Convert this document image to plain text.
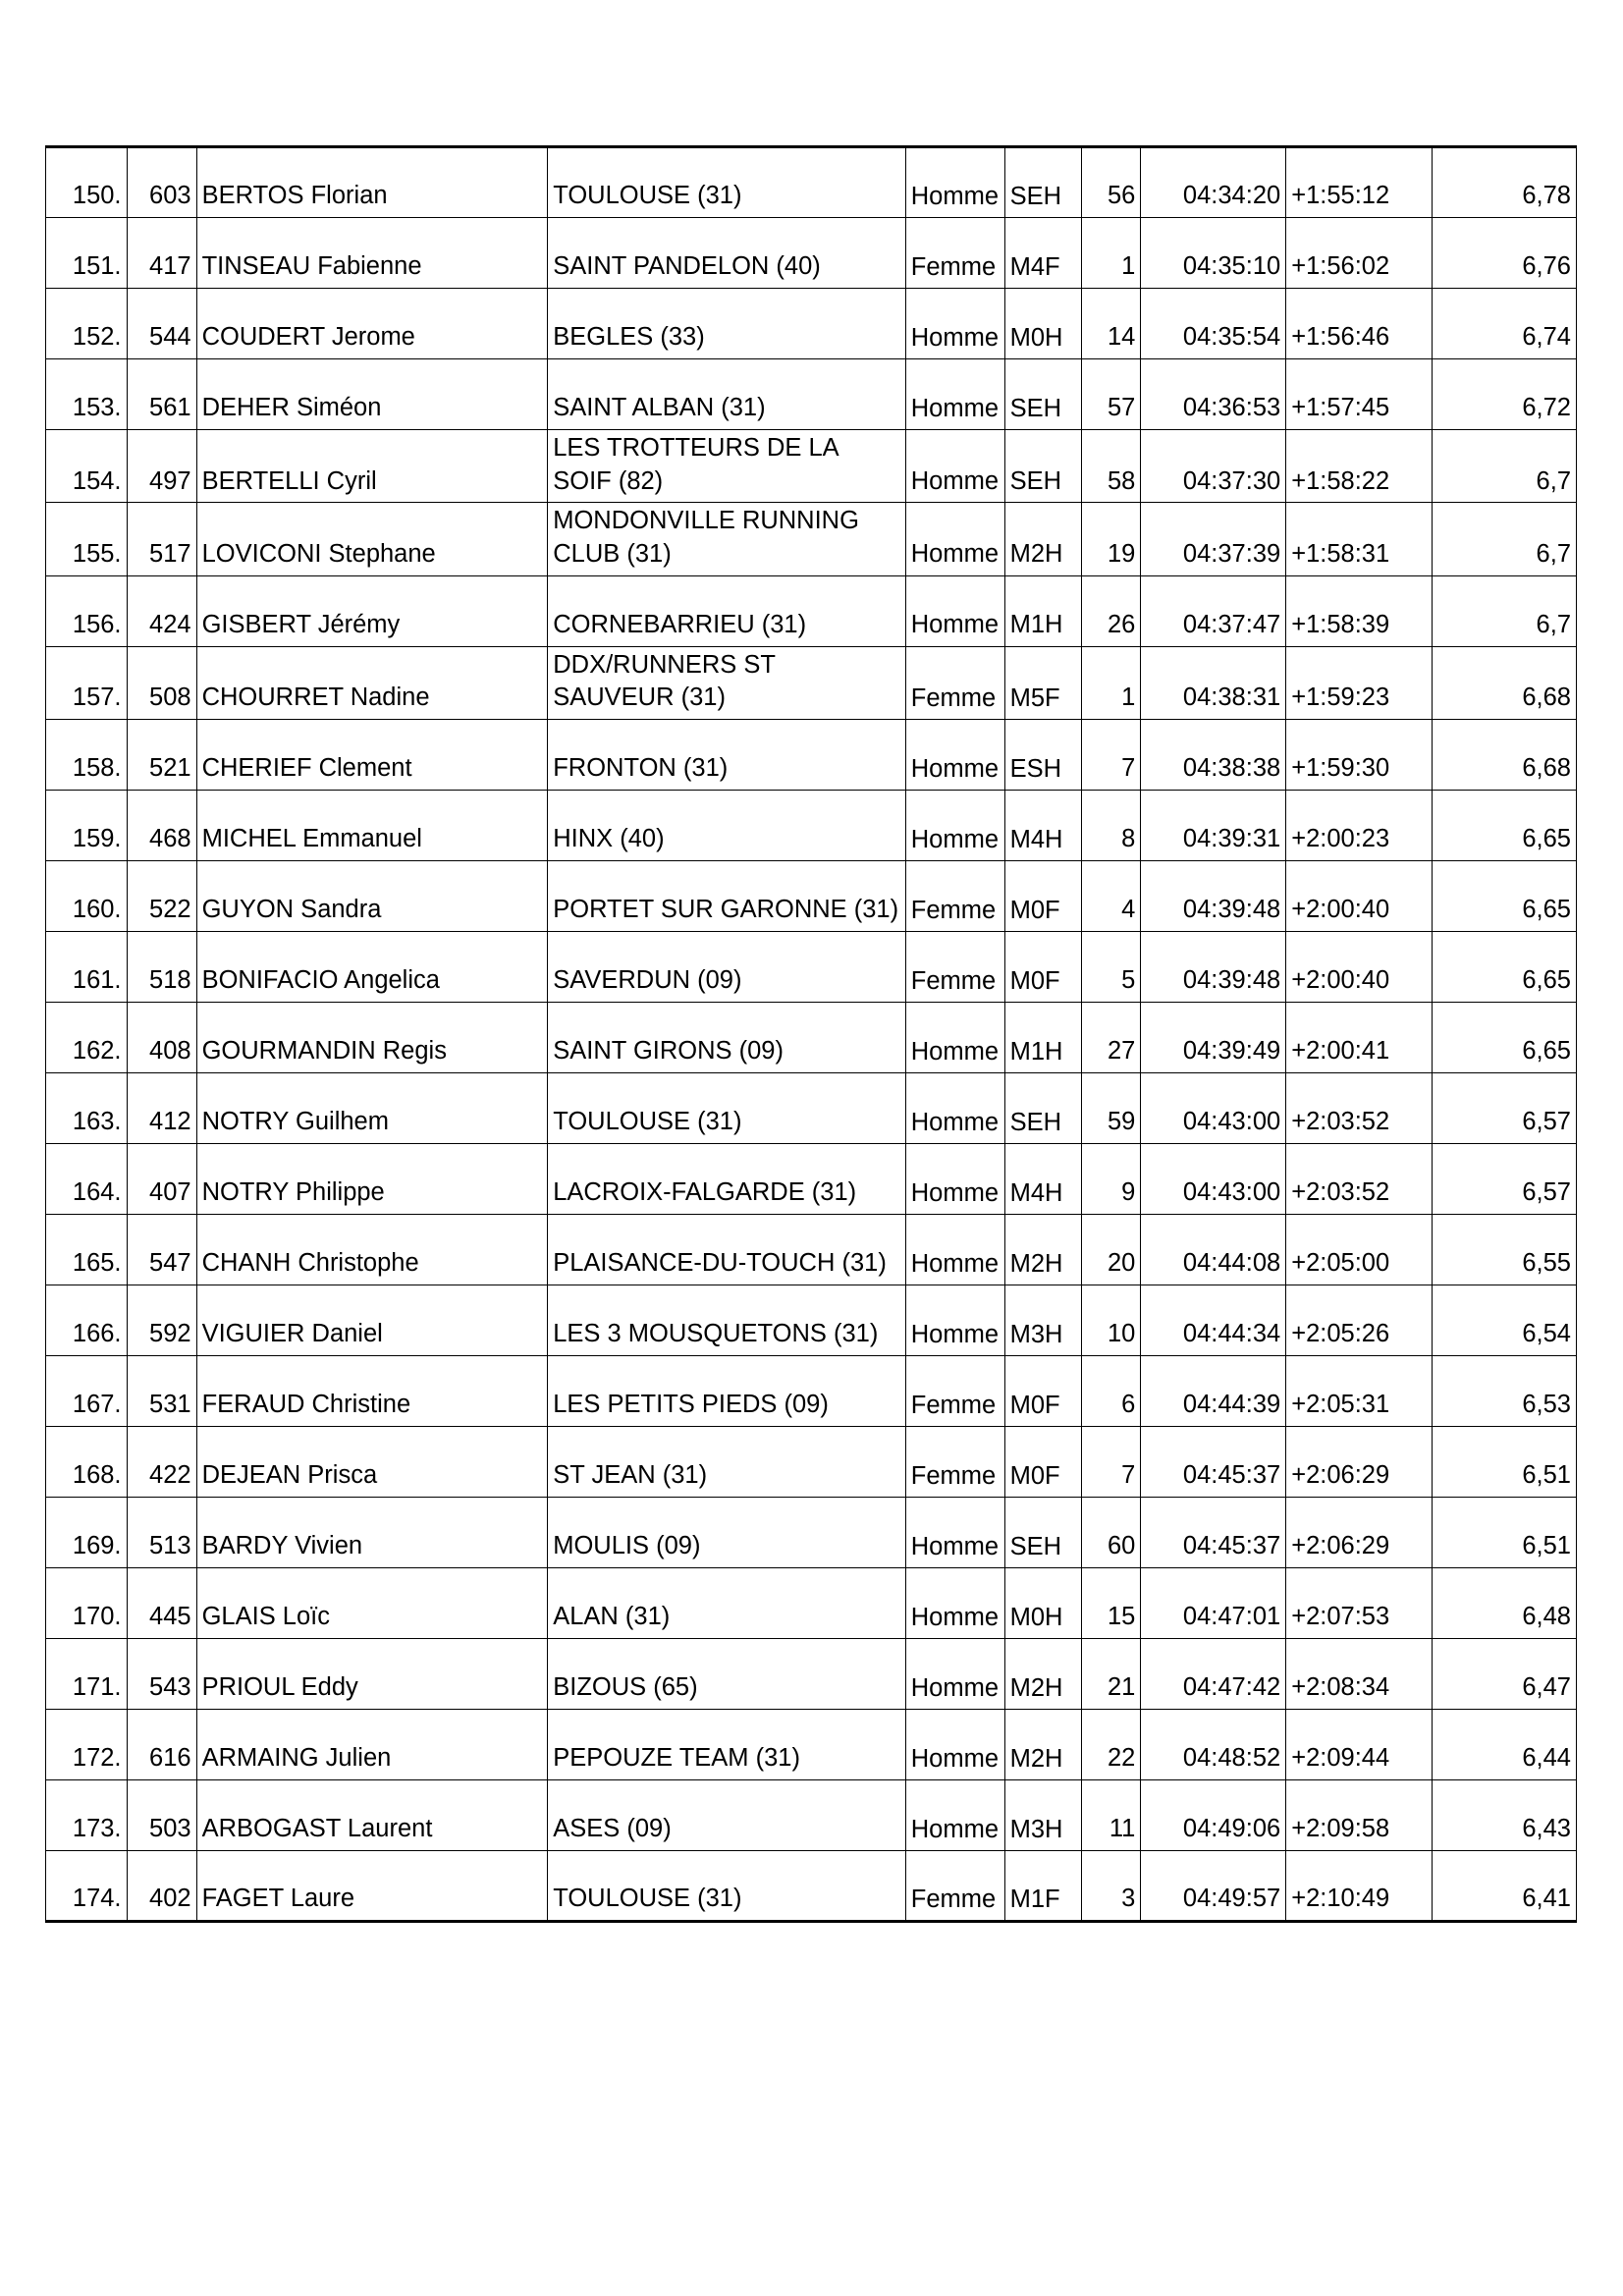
150.	603	BERTOS Florian	TOULOUSE (31)	Homme	SEH	56	04:34:20	+1:55:12	6,78
151.	417	TINSEAU Fabienne	SAINT PANDELON (40)	Femme	M4F	1	04:35:10	+1:56:02	6,76
152.	544	COUDERT Jerome	BEGLES (33)	Homme	M0H	14	04:35:54	+1:56:46	6,74
153.	561	DEHER Siméon	SAINT ALBAN (31)	Homme	SEH	57	04:36:53	+1:57:45	6,72
154.	497	BERTELLI Cyril	LES TROTTEURS DE LA SOIF (82)	Homme	SEH	58	04:37:30	+1:58:22	6,7
155.	517	LOVICONI Stephane	MONDONVILLE RUNNING CLUB (31)	Homme	M2H	19	04:37:39	+1:58:31	6,7
156.	424	GISBERT Jérémy	CORNEBARRIEU (31)	Homme	M1H	26	04:37:47	+1:58:39	6,7
157.	508	CHOURRET Nadine	DDX/RUNNERS ST SAUVEUR (31)	Femme	M5F	1	04:38:31	+1:59:23	6,68
158.	521	CHERIEF Clement	FRONTON (31)	Homme	ESH	7	04:38:38	+1:59:30	6,68
159.	468	MICHEL Emmanuel	HINX (40)	Homme	M4H	8	04:39:31	+2:00:23	6,65
160.	522	GUYON Sandra	PORTET SUR GARONNE (31)	Femme	M0F	4	04:39:48	+2:00:40	6,65
161.	518	BONIFACIO Angelica	SAVERDUN (09)	Femme	M0F	5	04:39:48	+2:00:40	6,65
162.	408	GOURMANDIN Regis	SAINT GIRONS (09)	Homme	M1H	27	04:39:49	+2:00:41	6,65
163.	412	NOTRY Guilhem	TOULOUSE (31)	Homme	SEH	59	04:43:00	+2:03:52	6,57
164.	407	NOTRY Philippe	LACROIX-FALGARDE (31)	Homme	M4H	9	04:43:00	+2:03:52	6,57
165.	547	CHANH Christophe	PLAISANCE-DU-TOUCH (31)	Homme	M2H	20	04:44:08	+2:05:00	6,55
166.	592	VIGUIER Daniel	LES 3 MOUSQUETONS (31)	Homme	M3H	10	04:44:34	+2:05:26	6,54
167.	531	FERAUD Christine	LES PETITS PIEDS (09)	Femme	M0F	6	04:44:39	+2:05:31	6,53
168.	422	DEJEAN Prisca	ST JEAN (31)	Femme	M0F	7	04:45:37	+2:06:29	6,51
169.	513	BARDY Vivien	MOULIS (09)	Homme	SEH	60	04:45:37	+2:06:29	6,51
170.	445	GLAIS Loïc	ALAN (31)	Homme	M0H	15	04:47:01	+2:07:53	6,48
171.	543	PRIOUL Eddy	BIZOUS (65)	Homme	M2H	21	04:47:42	+2:08:34	6,47
172.	616	ARMAING Julien	PEPOUZE TEAM (31)	Homme	M2H	22	04:48:52	+2:09:44	6,44
173.	503	ARBOGAST Laurent	ASES (09)	Homme	M3H	11	04:49:06	+2:09:58	6,43
174.	402	FAGET Laure	TOULOUSE (31)	Femme	M1F	3	04:49:57	+2:10:49	6,41
